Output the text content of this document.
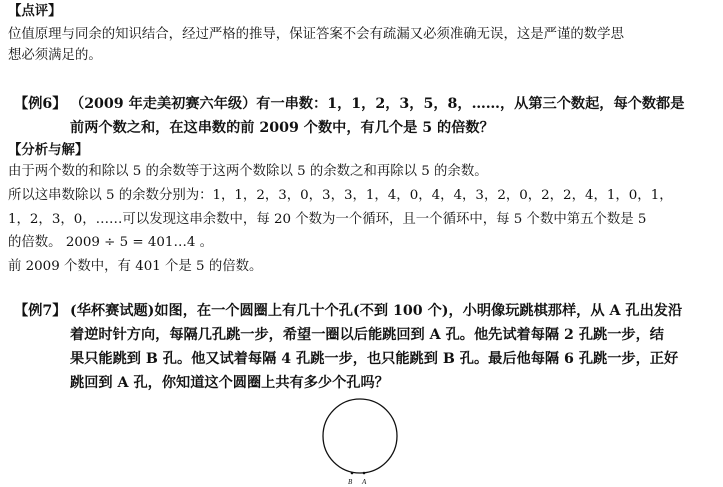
【点评】
位值原理与同余的知识结合，经过严格的推导，保证答案不会有疏漏又必须准确无误，这是严谨的数学思
想必须满足的。
【例6】 （2009 年走美初赛六年级）有一串数：1，1，2，3，5，8，……，从第三个数起，每个数都是
前两个数之和，在这串数的前 2009 个数中，有几个是 5 的倍数？
【分析与解】
由于两个数的和除以 5 的余数等于这两个数除以 5 的余数之和再除以 5 的余数。
所以这串数除以 5 的余数分别为：1，1，2，3，0，3，3，1，4，0，4，4，3，2，0，2，2，4，1，0，1，
1，2，3，0，……可以发现这串余数中，每 20 个数为一个循环，且一个循环中，每 5 个数中第五个数是 5
的倍数。 2009 ÷ 5 = 401…4 。
前 2009 个数中，有 401 个是 5 的倍数。
【例7】 (华杯赛试题)如图，在一个圆圈上有几十个孔(不到 100 个)，小明像玩跳棋那样，从 A 孔出发沿
着逆时针方向，每隔几孔跳一步，希望一圈以后能跳回到 A 孔。他先试着每隔 2 孔跳一步，结
果只能跳到 B 孔。他又试着每隔 4 孔跳一步，也只能跳到 B 孔。最后他每隔 6 孔跳一步，正好
跳回到 A 孔，你知道这个圆圈上共有多少个孔吗？
B A
